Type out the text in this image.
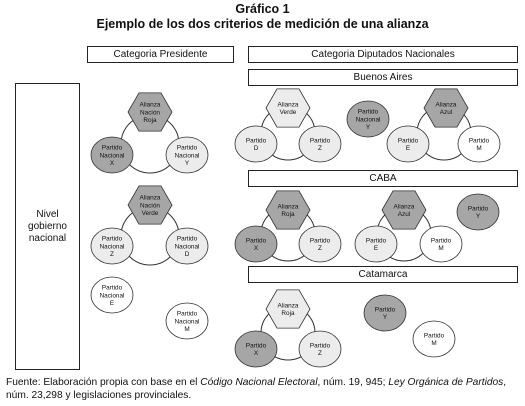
Gráfico 1
Ejemplo de los dos criterios de medición de una alianza
Categoria Presidente	Categoria Diputados Nacionales
Buenos Aires
CABA
Catamarca
Nivel
gobierno
nacional
Alianza
Nación
Roja
Partido
Nacional
X
Partido
Nacional
Y
Alianza
Nación
Verde
Partido
Nacional
Z
Partido
Nacional
D
Partido
Nacional
E
Partido
Nacional
M
Alianza
Verde
Partido
D
Partido
Z
Partido
Nacional
Y
Alianza
Azul
Partido
E
Partido
M
Alianza
Roja
Partido
X
Partido
Z
Alianza
Azul
Partido
E
Partido
M
Partido
Y
Alianza
Roja
Partido
X
Partido
Z
Partido
Y
Partido
M
Fuente: Elaboración propia con base en el Código Nacional Electoral, núm. 19, 945; Ley Orgánica de Partidos, núm. 23,298 y legislaciones provinciales.
